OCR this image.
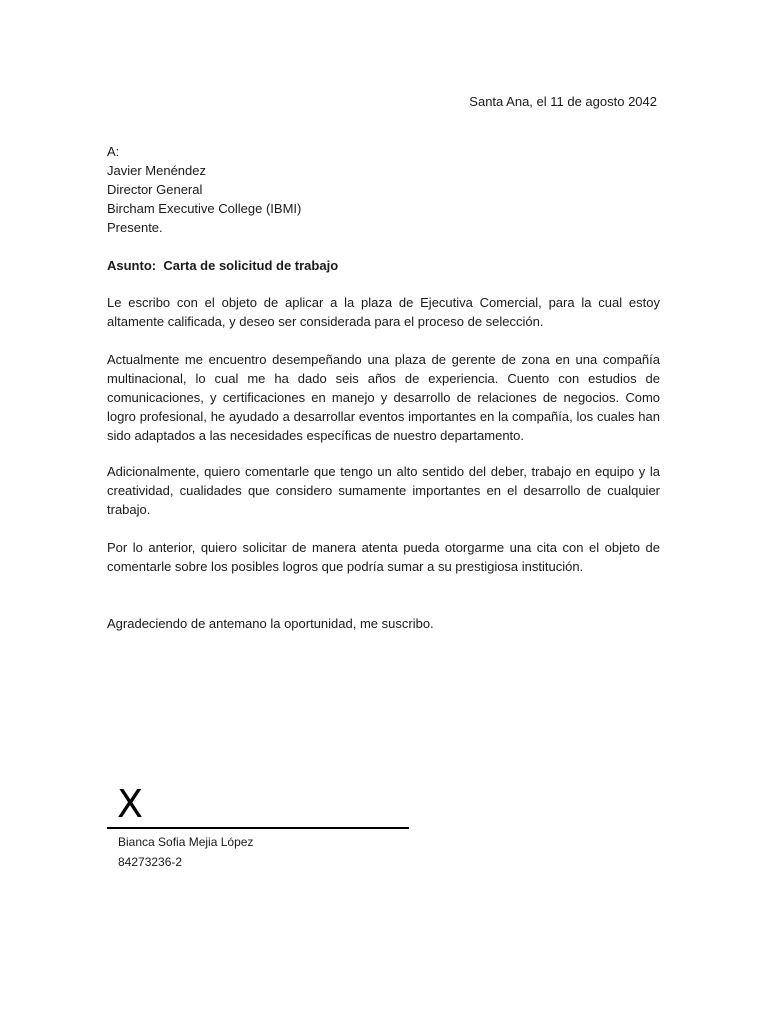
Santa Ana, el 11 de agosto 2042
A:
Javier Menéndez
Director General
Bircham Executive College (IBMI)
Presente.
Asunto:  Carta de solicitud de trabajo
Le escribo con el objeto de aplicar a la plaza de Ejecutiva Comercial, para la cual estoy altamente calificada, y deseo ser considerada para el proceso de selección.
Actualmente me encuentro desempeñando una plaza de gerente de zona en una compañía multinacional, lo cual me ha dado seis años de experiencia. Cuento con estudios de comunicaciones, y certificaciones en manejo y desarrollo de relaciones de negocios. Como logro profesional, he ayudado a desarrollar eventos importantes en la compañía, los cuales han sido adaptados a las necesidades específicas de nuestro departamento.
Adicionalmente, quiero comentarle que tengo un alto sentido del deber, trabajo en equipo y la creatividad, cualidades que considero sumamente importantes en el desarrollo de cualquier trabajo.
Por lo anterior, quiero solicitar de manera atenta pueda otorgarme una cita con el objeto de comentarle sobre los posibles logros que podría sumar a su prestigiosa institución.
Agradeciendo de antemano la oportunidad, me suscribo.
X
Bianca Sofia Mejia López
84273236-2
